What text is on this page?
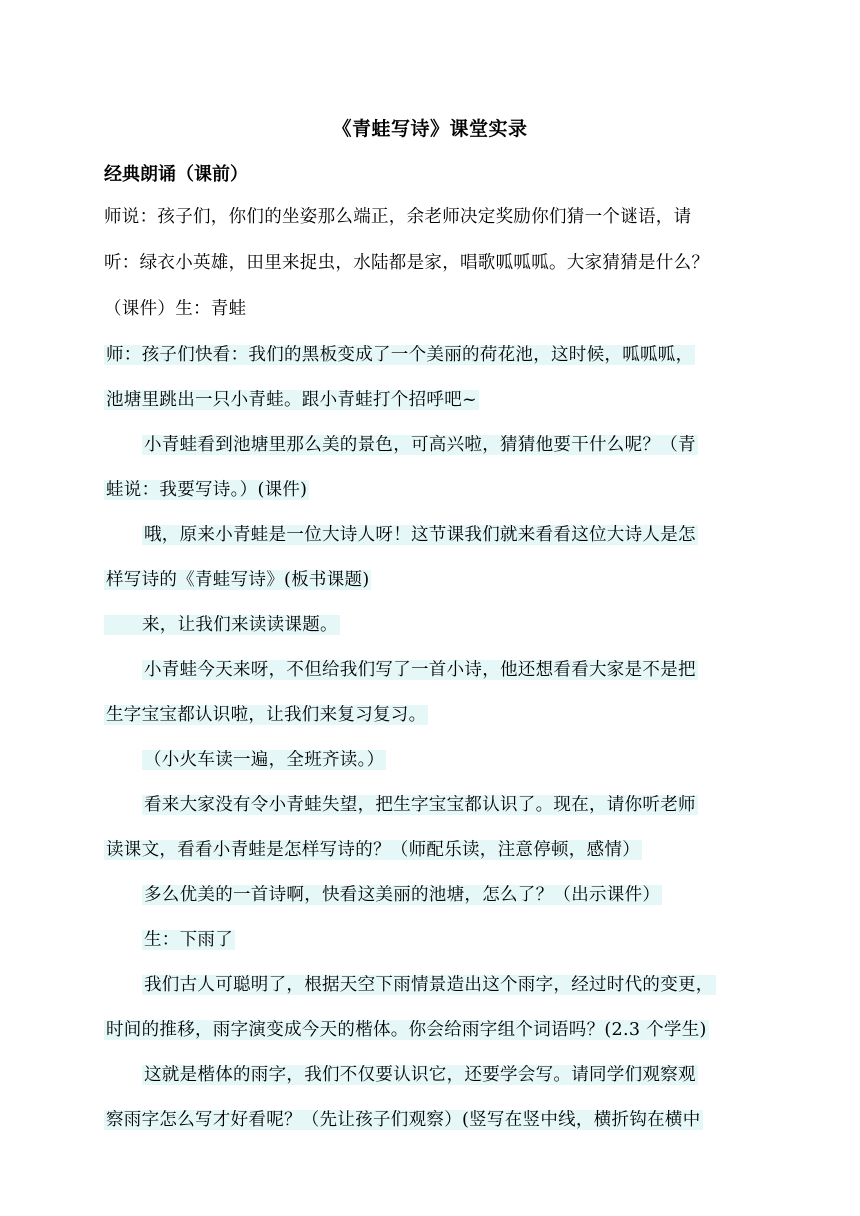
《青蛙写诗》课堂实录
经典朗诵（课前）
师说：孩子们，你们的坐姿那么端正，余老师决定奖励你们猜一个谜语，请
听：绿衣小英雄，田里来捉虫，水陆都是家，唱歌呱呱呱。大家猜猜是什么？
（课件）生：青蛙
师：孩子们快看：我们的黑板变成了一个美丽的荷花池，这时候，呱呱呱，
池塘里跳出一只小青蛙。跟小青蛙打个招呼吧~
小青蛙看到池塘里那么美的景色，可高兴啦，猜猜他要干什么呢？（青
蛙说：我要写诗。）(课件)
哦，原来小青蛙是一位大诗人呀！这节课我们就来看看这位大诗人是怎
样写诗的《青蛙写诗》(板书课题)
来，让我们来读读课题。
小青蛙今天来呀，不但给我们写了一首小诗，他还想看看大家是不是把
生字宝宝都认识啦，让我们来复习复习。
（小火车读一遍，全班齐读。）
看来大家没有令小青蛙失望，把生字宝宝都认识了。现在，请你听老师
读课文，看看小青蛙是怎样写诗的？（师配乐读，注意停顿，感情）
多么优美的一首诗啊，快看这美丽的池塘，怎么了？（出示课件）
生：下雨了
我们古人可聪明了，根据天空下雨情景造出这个雨字，经过时代的变更，
时间的推移，雨字演变成今天的楷体。你会给雨字组个词语吗？(2.3 个学生)
这就是楷体的雨字，我们不仅要认识它，还要学会写。请同学们观察观
察雨字怎么写才好看呢？（先让孩子们观察）(竖写在竖中线，横折钩在横中
